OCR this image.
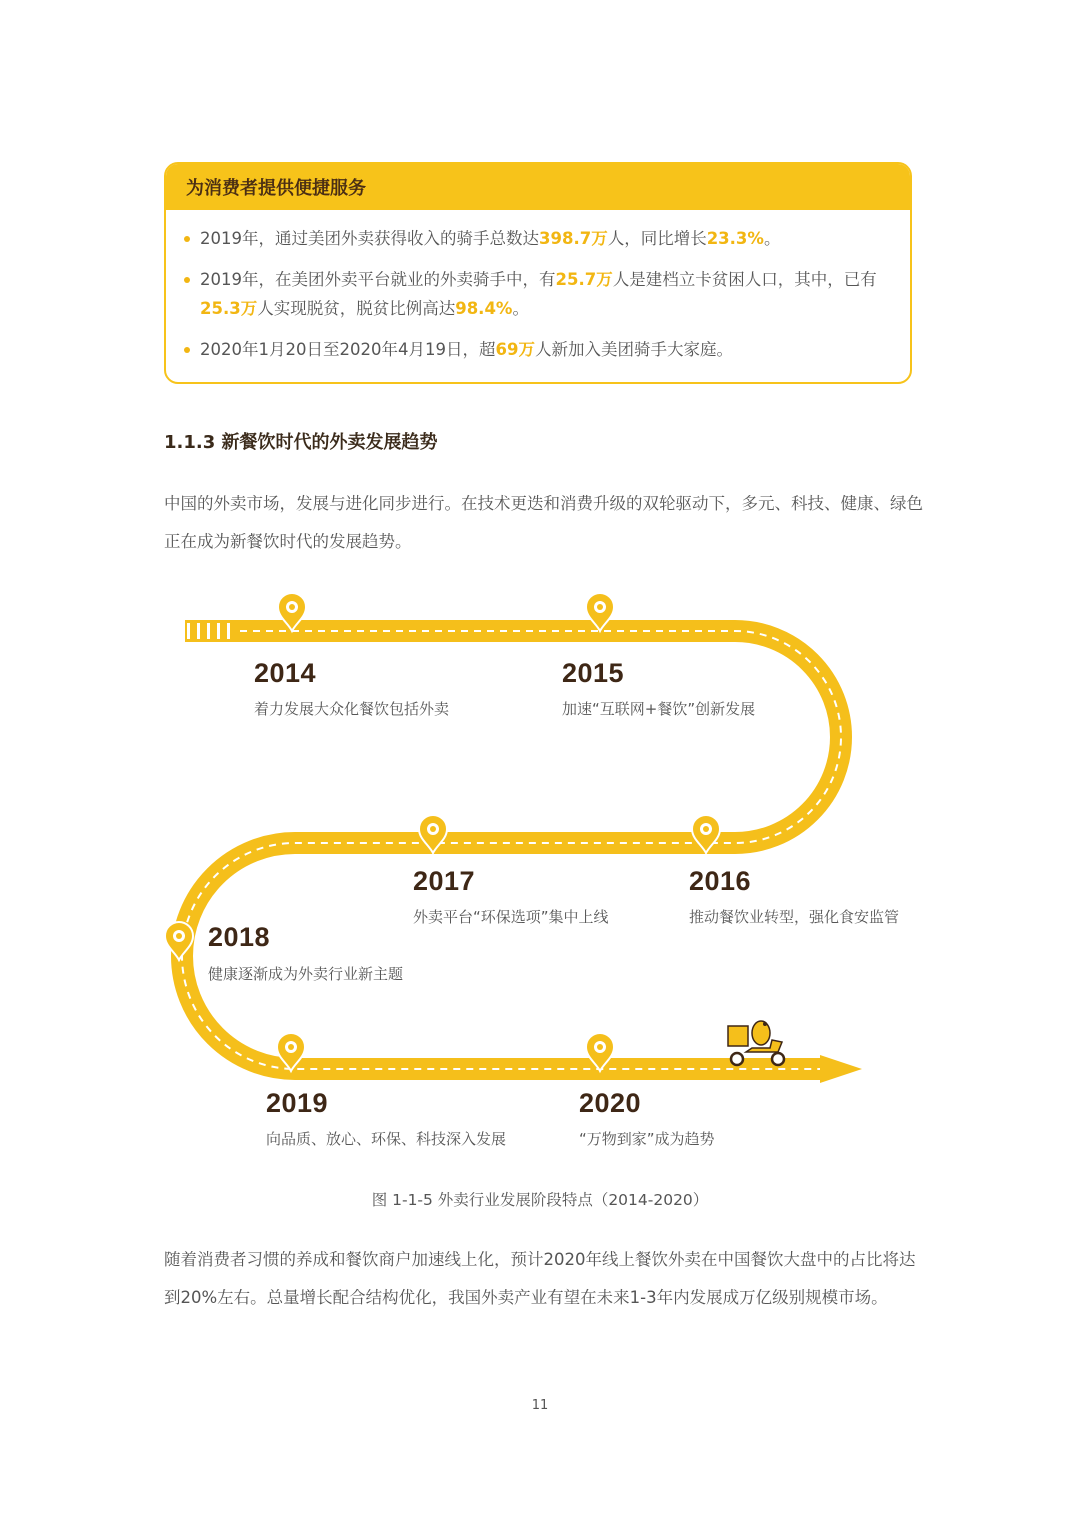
为消费者提供便捷服务
2019年，通过美团外卖获得收入的骑手总数达398.7万人，同比增长23.3%。
2019年，在美团外卖平台就业的外卖骑手中，有25.7万人是建档立卡贫困人口，其中，已有25.3万人实现脱贫，脱贫比例高达98.4%。
2020年1月20日至2020年4月19日，超69万人新加入美团骑手大家庭。
1.1.3 新餐饮时代的外卖发展趋势
中国的外卖市场，发展与进化同步进行。在技术更迭和消费升级的双轮驱动下，多元、科技、健康、绿色正在成为新餐饮时代的发展趋势。
2014
着力发展大众化餐饮包括外卖
2015
加速“互联网+餐饮”创新发展
2017
外卖平台“环保选项”集中上线
2016
推动餐饮业转型，强化食安监管
2018
健康逐渐成为外卖行业新主题
2019
向品质、放心、环保、科技深入发展
2020
“万物到家”成为趋势
图 1-1-5 外卖行业发展阶段特点（2014-2020）
随着消费者习惯的养成和餐饮商户加速线上化，预计2020年线上餐饮外卖在中国餐饮大盘中的占比将达到20%左右。总量增长配合结构优化，我国外卖产业有望在未来1-3年内发展成万亿级别规模市场。
11
